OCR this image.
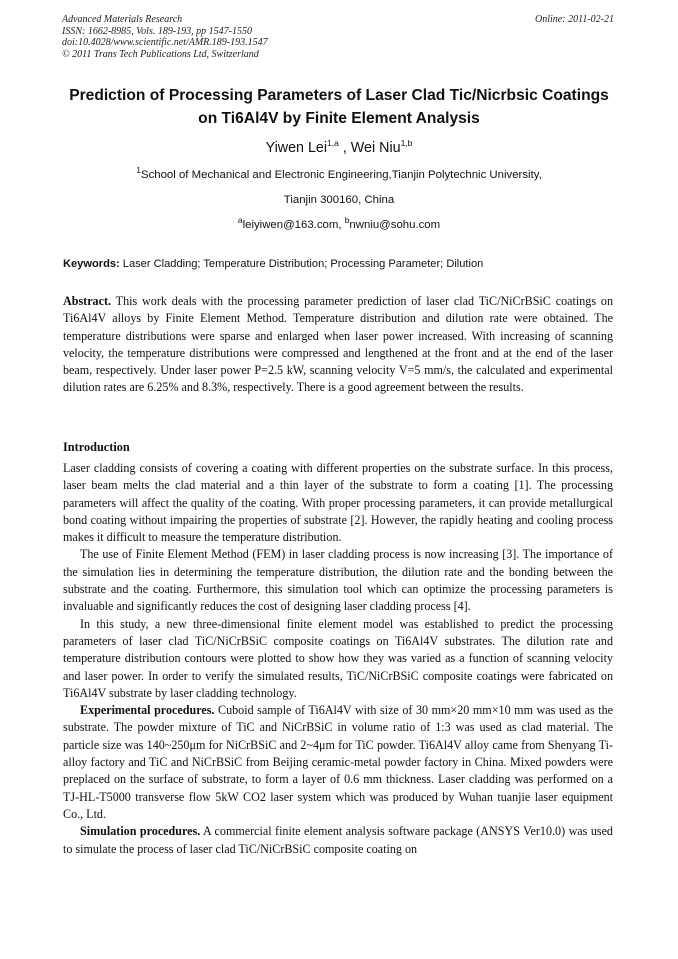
Advanced Materials Research
ISSN: 1662-8985, Vols. 189-193, pp 1547-1550
doi:10.4028/www.scientific.net/AMR.189-193.1547
© 2011 Trans Tech Publications Ltd, Switzerland
Online: 2011-02-21
Prediction of Processing Parameters of Laser Clad Tic/Nicrbsic Coatings on Ti6Al4V by Finite Element Analysis
Yiwen Lei$^{1,a}$ , Wei Niu$^{1,b}$
$^1$School of Mechanical and Electronic Engineering,Tianjin Polytechnic University,
Tianjin 300160, China
$^a$leiyiwen@163.com, $^b$nwniu@sohu.com
Keywords: Laser Cladding; Temperature Distribution; Processing Parameter; Dilution

Abstract. This work deals with the processing parameter prediction of laser clad TiC/NiCrBSiC coatings on Ti6Al4V alloys by Finite Element Method. Temperature distribution and dilution rate were obtained. The temperature distributions were sparse and enlarged when laser power increased. With increasing of scanning velocity, the temperature distributions were compressed and lengthened at the front and at the end of the laser beam, respectively. Under laser power P=2.5 kW, scanning velocity V=5 mm/s, the calculated and experimental dilution rates are 6.25% and 8.3%, respectively. There is a good agreement between the results.

Introduction

Laser cladding consists of covering a coating with different properties on the substrate surface. In this process, laser beam melts the clad material and a thin layer of the substrate to form a coating [1]. The processing parameters will affect the quality of the coating. With proper processing parameters, it can provide metallurgical bond coating without impairing the properties of substrate [2]. However, the rapidly heating and cooling process makes it difficult to measure the temperature distribution.

The use of Finite Element Method (FEM) in laser cladding process is now increasing [3]. The importance of the simulation lies in determining the temperature distribution, the dilution rate and the bonding between the substrate and the coating. Furthermore, this simulation tool which can optimize the processing parameters is invaluable and significantly reduces the cost of designing laser cladding process [4].

In this study, a new three-dimensional finite element model was established to predict the processing parameters of laser clad TiC/NiCrBSiC composite coatings on Ti6Al4V substrates. The dilution rate and temperature distribution contours were plotted to show how they was varied as a function of scanning velocity and laser power. In order to verify the simulated results, TiC/NiCrBSiC composite coatings were fabricated on Ti6Al4V substrate by laser cladding technology.

Experimental procedures. Cuboid sample of Ti6Al4V with size of 30 mm×20 mm×10 mm was used as the substrate. The powder mixture of TiC and NiCrBSiC in volume ratio of 1:3 was used as clad material. The particle size was 140~250μm for NiCrBSiC and 2~4μm for TiC powder. Ti6Al4V alloy came from Shenyang Ti-alloy factory and TiC and NiCrBSiC from Beijing ceramic-metal powder factory in China. Mixed powders were preplaced on the surface of substrate, to form a layer of 0.6 mm thickness. Laser cladding was performed on a TJ-HL-T5000 transverse flow 5kW CO2 laser system which was produced by Wuhan tuanjie laser equipment Co., Ltd.

Simulation procedures. A commercial finite element analysis software package (ANSYS Ver10.0) was used to simulate the process of laser clad TiC/NiCrBSiC composite coating on
